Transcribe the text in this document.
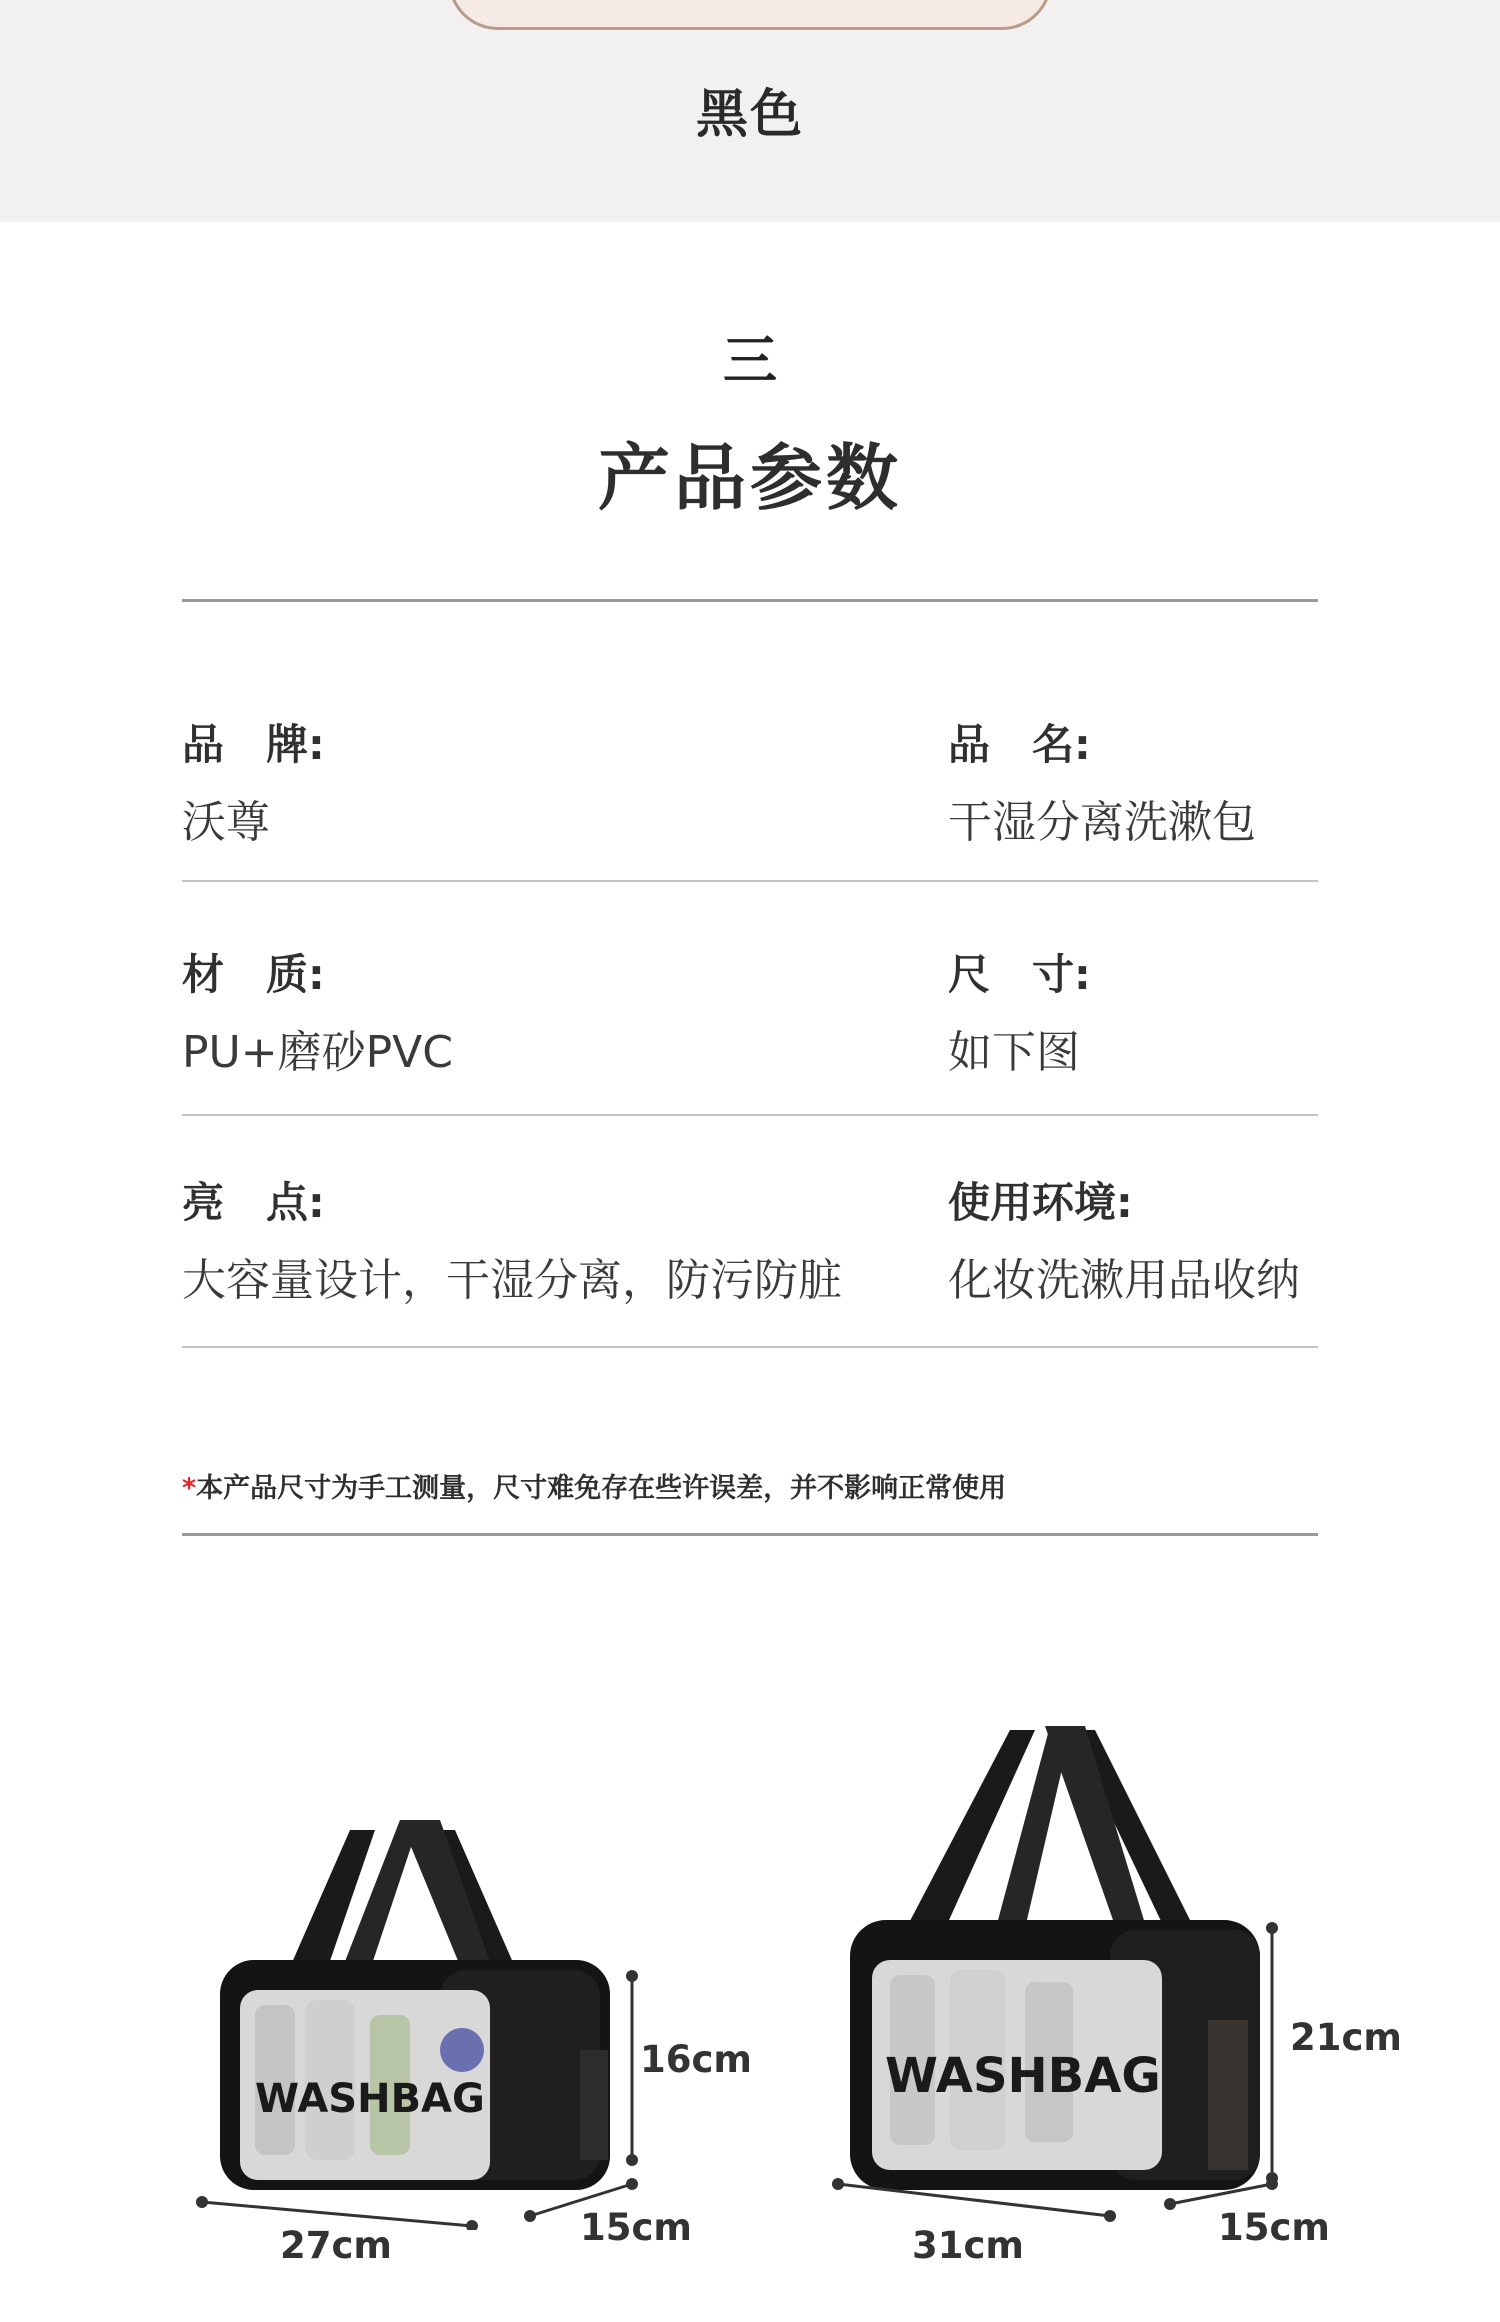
黑色
三
产品参数
品　牌:
沃尊
品　名:
干湿分离洗漱包
材　质:
PU+磨砂PVC
尺　寸:
如下图
亮　点:
大容量设计，干湿分离，防污防脏
使用环境:
化妆洗漱用品收纳
*本产品尺寸为手工测量，尺寸难免存在些许误差，并不影响正常使用
WASHBAG
16cm
27cm	15cm
WASHBAG
21cm
31cm	15cm
